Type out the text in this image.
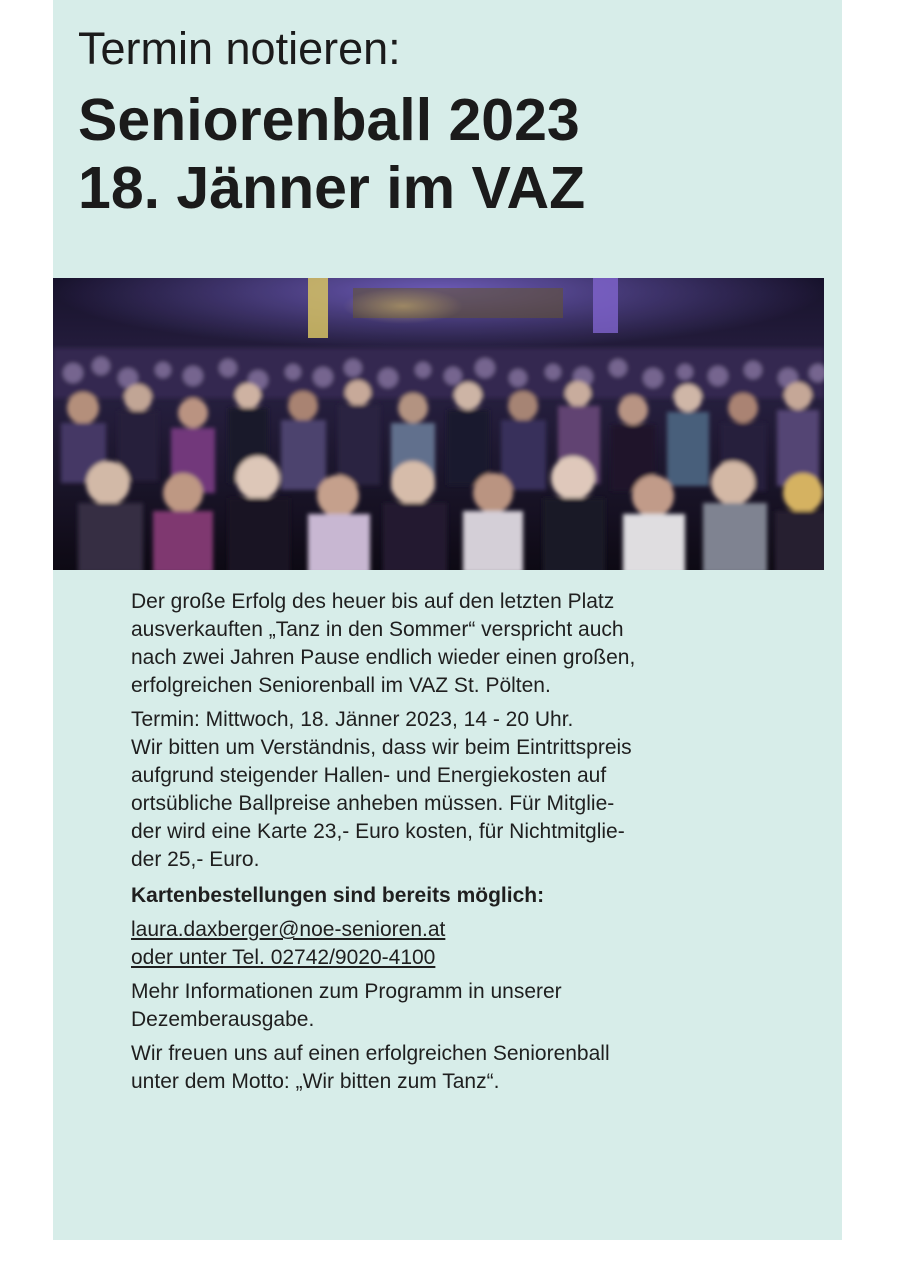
Termin notieren:
Seniorenball 2023
18. Jänner im VAZ

Der große Erfolg des heuer bis auf den letzten Platz
ausverkauften „Tanz in den Sommer“ verspricht auch
nach zwei Jahren Pause endlich wieder einen großen,
erfolgreichen Seniorenball im VAZ St. Pölten.

Termin: Mittwoch, 18. Jänner 2023, 14 - 20 Uhr.
Wir bitten um Verständnis, dass wir beim Eintrittspreis
aufgrund steigender Hallen- und Energiekosten auf
ortsübliche Ballpreise anheben müssen. Für Mitglie-
der wird eine Karte 23,- Euro kosten, für Nichtmitglie-
der 25,- Euro.

Kartenbestellungen sind bereits möglich:

laura.daxberger@noe-senioren.at
oder unter Tel. 02742/9020-4100

Mehr Informationen zum Programm in unserer
Dezemberausgabe.

Wir freuen uns auf einen erfolgreichen Seniorenball
unter dem Motto: „Wir bitten zum Tanz“.
